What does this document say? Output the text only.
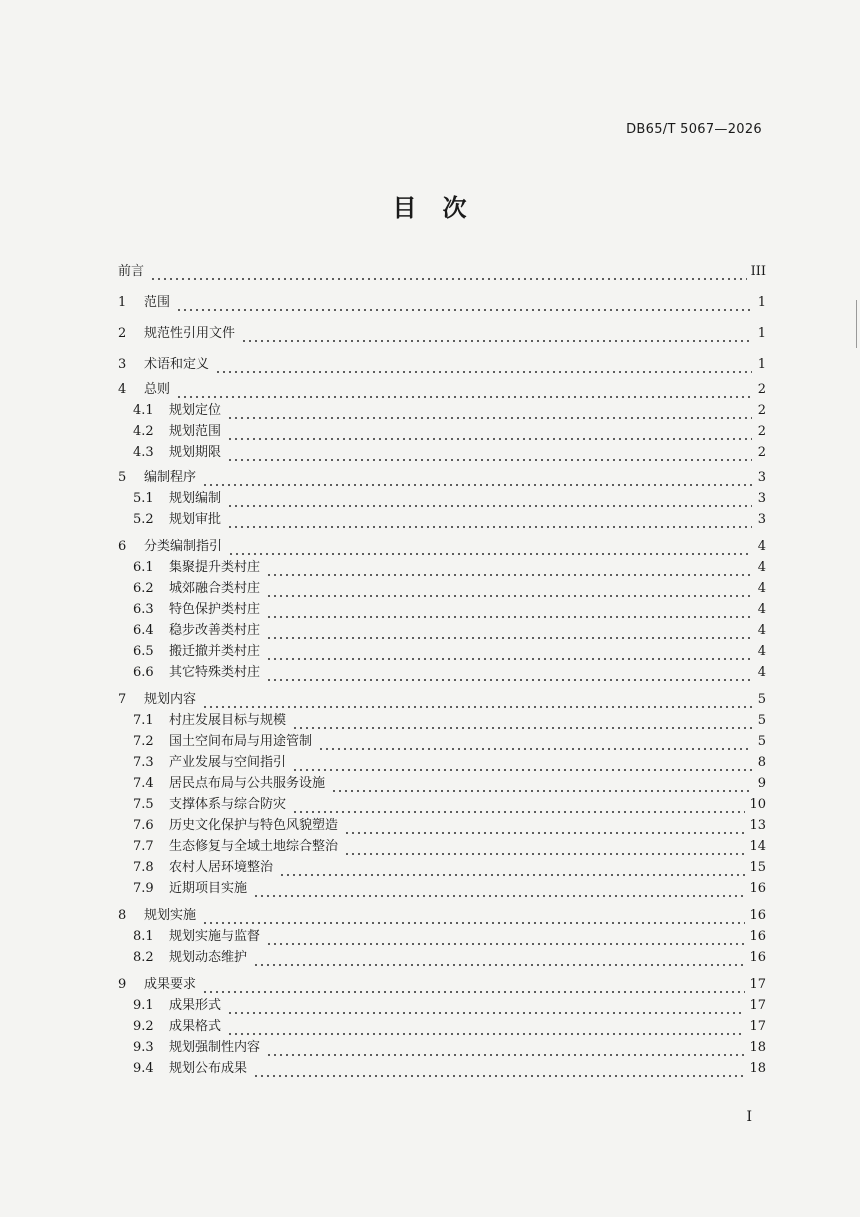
DB65/T 5067—2026
目　次
前言	III
1	范围	1
2	规范性引用文件	1
3	术语和定义	1
4	总则	2
4.1	规划定位	2
4.2	规划范围	2
4.3	规划期限	2
5	编制程序	3
5.1	规划编制	3
5.2	规划审批	3
6	分类编制指引	4
6.1	集聚提升类村庄	4
6.2	城郊融合类村庄	4
6.3	特色保护类村庄	4
6.4	稳步改善类村庄	4
6.5	搬迁撤并类村庄	4
6.6	其它特殊类村庄	4
7	规划内容	5
7.1	村庄发展目标与规模	5
7.2	国土空间布局与用途管制	5
7.3	产业发展与空间指引	8
7.4	居民点布局与公共服务设施	9
7.5	支撑体系与综合防灾	10
7.6	历史文化保护与特色风貌塑造	13
7.7	生态修复与全域土地综合整治	14
7.8	农村人居环境整治	15
7.9	近期项目实施	16
8	规划实施	16
8.1	规划实施与监督	16
8.2	规划动态维护	16
9	成果要求	17
9.1	成果形式	17
9.2	成果格式	17
9.3	规划强制性内容	18
9.4	规划公布成果	18
I
